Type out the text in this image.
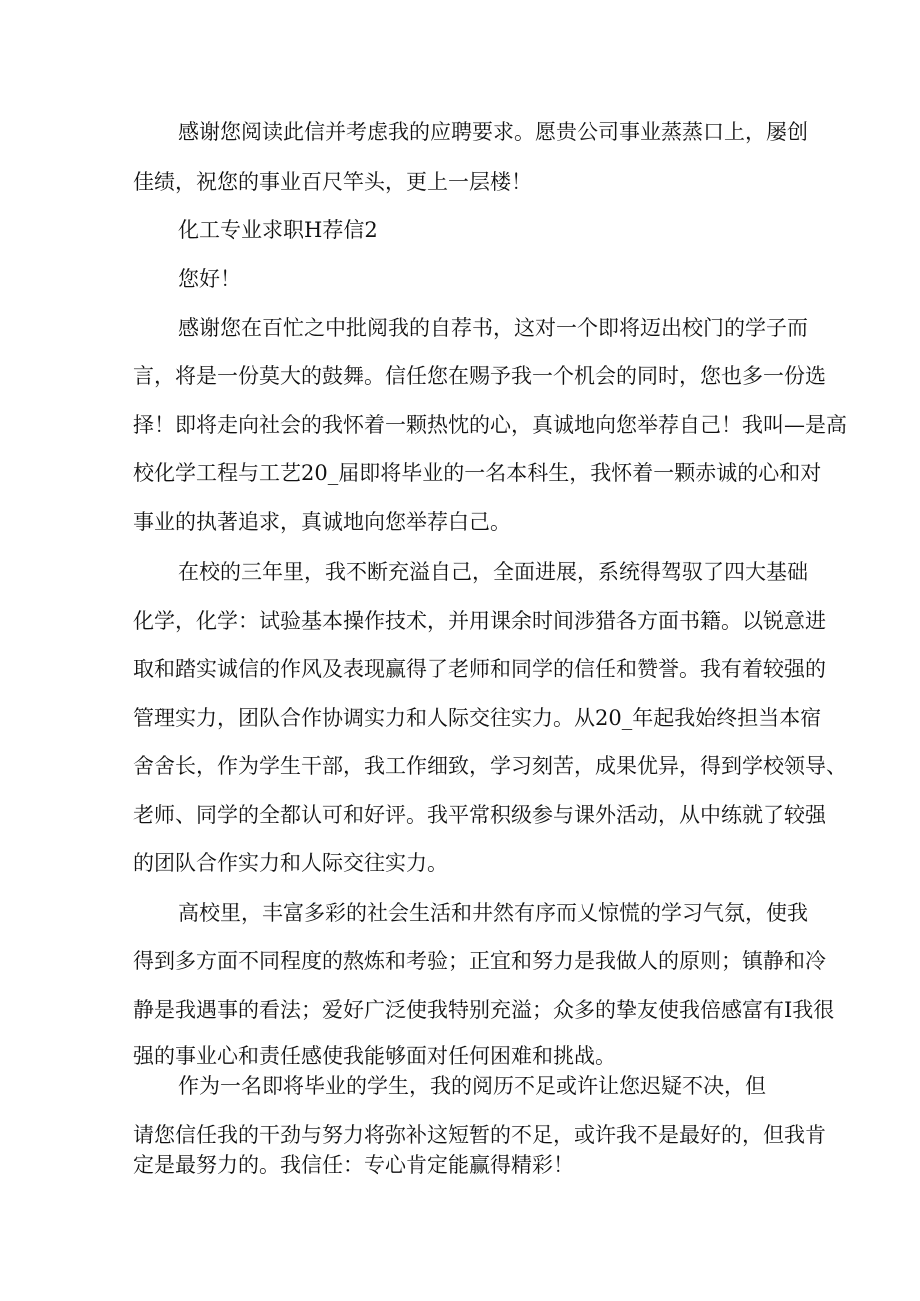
感谢您阅读此信并考虑我的应聘要求。愿贵公司事业蒸蒸口上，屡创

佳绩，祝您的事业百尺竿头，更上一层楼！

化工专业求职H荐信2

您好！

感谢您在百忙之中批阅我的自荐书，这对一个即将迈出校门的学子而

言，将是一份莫大的鼓舞。信任您在赐予我一个机会的同时，您也多一份选

择！即将走向社会的我怀着一颗热忱的心，真诚地向您举荐自己！我叫—是高

校化学工程与工艺20_届即将毕业的一名本科生，我怀着一颗赤诚的心和对

事业的执著追求，真诚地向您举荐白己。

在校的三年里，我不断充溢自己，全面进展，系统得驾驭了四大基础

化学，化学：试验基本操作技术，并用课余时间涉猎各方面书籍。以锐意进

取和踏实诚信的作风及表现赢得了老师和同学的信任和赞誉。我有着较强的

管理实力，团队合作协调实力和人际交往实力。从20_年起我始终担当本宿

舍舍长，作为学生干部，我工作细致，学习刻苦，成果优异，得到学校领导、

老师、同学的全都认可和好评。我平常积级参与课外活动，从中练就了较强

的团队合作实力和人际交往实力。

高校里，丰富多彩的社会生活和井然有序而乂惊慌的学习气氛，使我

得到多方面不同程度的熬炼和考验；正宜和努力是我做人的原则；镇静和冷

静是我遇事的看法；爱好广泛使我特别充溢；众多的挚友使我倍感富有I我很

强的事业心和责任感使我能够面对任何困难和挑战。

作为一名即将毕业的学生，我的阅历不足或许让您迟疑不决，但

请您信任我的干劲与努力将弥补这短暂的不足，或许我不是最好的，但我肯

定是最努力的。我信任：专心肯定能赢得精彩！
